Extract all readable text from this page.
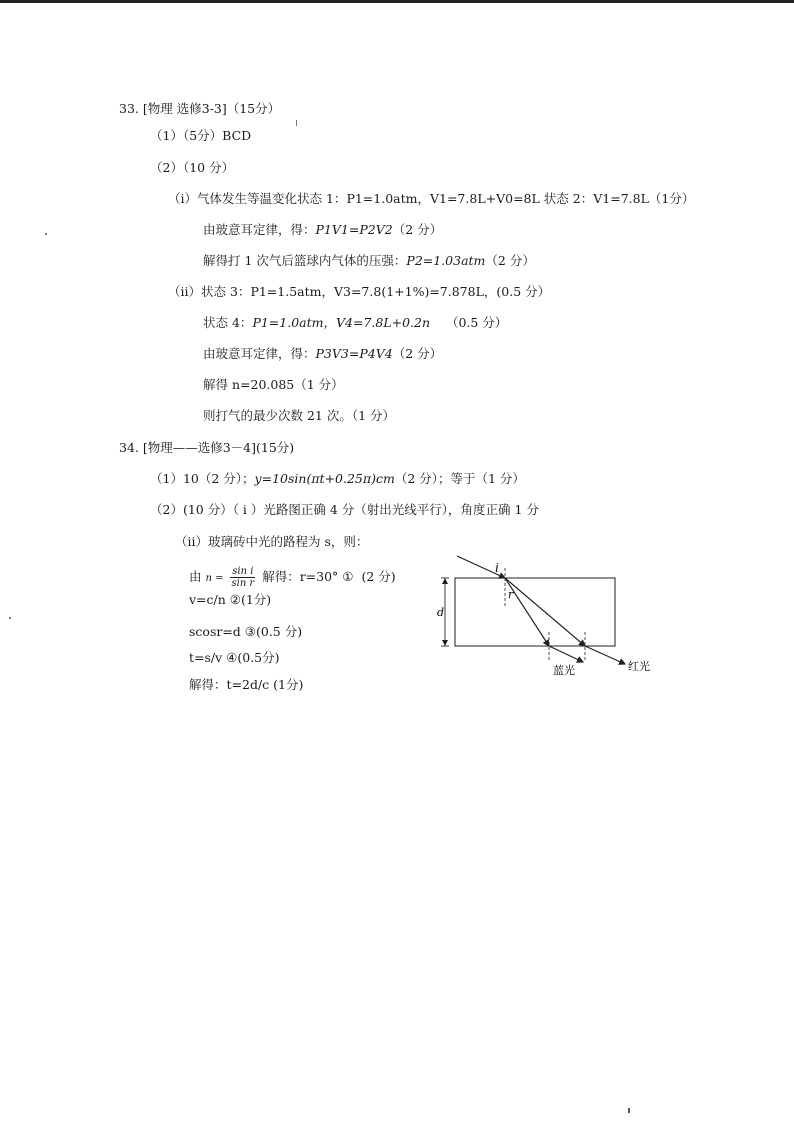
33. [物理 选修3-3]（15分）
（1）（5分）BCD
（2）（10 分）
（i）气体发生等温变化状态 1：P1=1.0atm，V1=7.8L+V0=8L 状态 2：V1=7.8L（1分）
由玻意耳定律，得：P1V1=P2V2（2 分）
解得打 1 次气后篮球内气体的压强：P2=1.03atm（2 分）
（ii）状态 3：P1=1.5atm，V3=7.8(1+1%)=7.878L，(0.5 分）
状态 4：P1=1.0atm，V4=7.8L+0.2n （0.5 分）
由玻意耳定律，得：P3V3=P4V4（2 分）
解得 n=20.085（1 分）
则打气的最少次数 21 次。（1 分）
34. [物理——选修3－4](15分)
（1）10（2 分）；y=10sin(πt+0.25π)cm（2 分）；等于（1 分）
（2）(10 分）（ i ）光路图正确 4 分（射出光线平行），角度正确 1 分
（ii）玻璃砖中光的路程为 s，则：
由 $n = \frac{\text{sin i}}{\text{sin r}}$ 解得：r=30° ① (2 分)
v=c/n ②(1分)
scosr=d ③(0.5 分)
t=s/v ④(0.5分)
解得：t=2d/c (1分)
i
r
d
蓝光	红光
